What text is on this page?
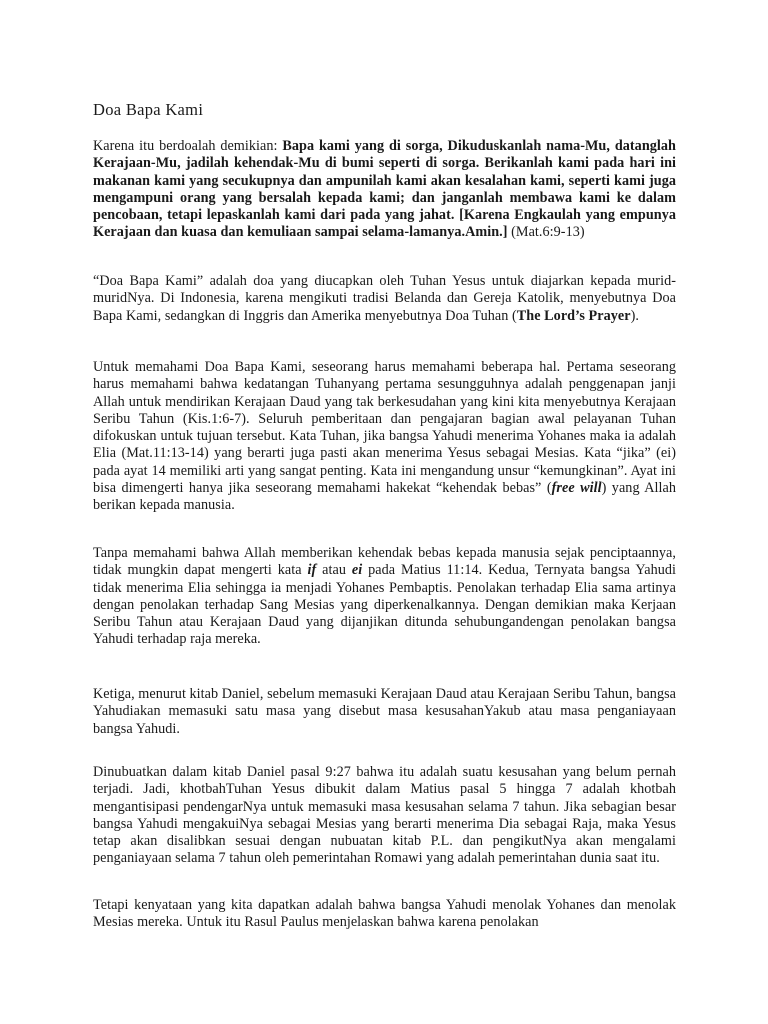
Doa Bapa Kami

Karena itu berdoalah demikian: Bapa kami yang di sorga, Dikuduskanlah nama-Mu, datanglah Kerajaan-Mu, jadilah kehendak-Mu di bumi seperti di sorga. Berikanlah kami pada hari ini makanan kami yang secukupnya dan ampunilah kami akan kesalahan kami, seperti kami juga mengampuni orang yang bersalah kepada kami; dan janganlah membawa kami ke dalam pencobaan, tetapi lepaskanlah kami dari pada yang jahat. [Karena Engkaulah yang empunya Kerajaan dan kuasa dan kemuliaan sampai selama-lamanya.Amin.] (Mat.6:9-13)

“Doa Bapa Kami” adalah doa yang diucapkan oleh Tuhan Yesus untuk diajarkan kepada murid-muridNya. Di Indonesia, karena mengikuti tradisi Belanda dan Gereja Katolik, menyebutnya Doa Bapa Kami, sedangkan di Inggris dan Amerika menyebutnya Doa Tuhan (The Lord’s Prayer).

Untuk memahami Doa Bapa Kami, seseorang harus memahami beberapa hal. Pertama seseorang harus memahami bahwa kedatangan Tuhanyang pertama sesungguhnya adalah penggenapan janji Allah untuk mendirikan Kerajaan Daud yang tak berkesudahan yang kini kita menyebutnya Kerajaan Seribu Tahun (Kis.1:6-7). Seluruh pemberitaan dan pengajaran bagian awal pelayanan Tuhan difokuskan untuk tujuan tersebut. Kata Tuhan, jika bangsa Yahudi menerima Yohanes maka ia adalah Elia (Mat.11:13-14) yang berarti juga pasti akan menerima Yesus sebagai Mesias. Kata “jika” (ei) pada ayat 14 memiliki arti yang sangat penting. Kata ini mengandung unsur “kemungkinan”. Ayat ini bisa dimengerti hanya jika seseorang memahami hakekat “kehendak bebas” (free will) yang Allah berikan kepada manusia.

Tanpa memahami bahwa Allah memberikan kehendak bebas kepada manusia sejak penciptaannya, tidak mungkin dapat mengerti kata if atau ei pada Matius 11:14. Kedua, Ternyata bangsa Yahudi tidak menerima Elia sehingga ia menjadi Yohanes Pembaptis. Penolakan terhadap Elia sama artinya dengan penolakan terhadap Sang Mesias yang diperkenalkannya. Dengan demikian maka Kerjaan Seribu Tahun atau Kerajaan Daud yang dijanjikan ditunda sehubungandengan penolakan bangsa Yahudi terhadap raja mereka.

Ketiga, menurut kitab Daniel, sebelum memasuki Kerajaan Daud atau Kerajaan Seribu Tahun, bangsa Yahudiakan memasuki satu masa yang disebut masa kesusahanYakub atau masa penganiayaan bangsa Yahudi.

Dinubuatkan dalam kitab Daniel pasal 9:27 bahwa itu adalah suatu kesusahan yang belum pernah terjadi. Jadi, khotbahTuhan Yesus dibukit dalam Matius pasal 5 hingga 7 adalah khotbah mengantisipasi pendengarNya untuk memasuki masa kesusahan selama 7 tahun. Jika sebagian besar bangsa Yahudi mengakuiNya sebagai Mesias yang berarti menerima Dia sebagai Raja, maka Yesus tetap akan disalibkan sesuai dengan nubuatan kitab P.L. dan pengikutNya akan mengalami penganiayaan selama 7 tahun oleh pemerintahan Romawi yang adalah pemerintahan dunia saat itu.

Tetapi kenyataan yang kita dapatkan adalah bahwa bangsa Yahudi menolak Yohanes dan menolak Mesias mereka. Untuk itu Rasul Paulus menjelaskan bahwa karena penolakan
